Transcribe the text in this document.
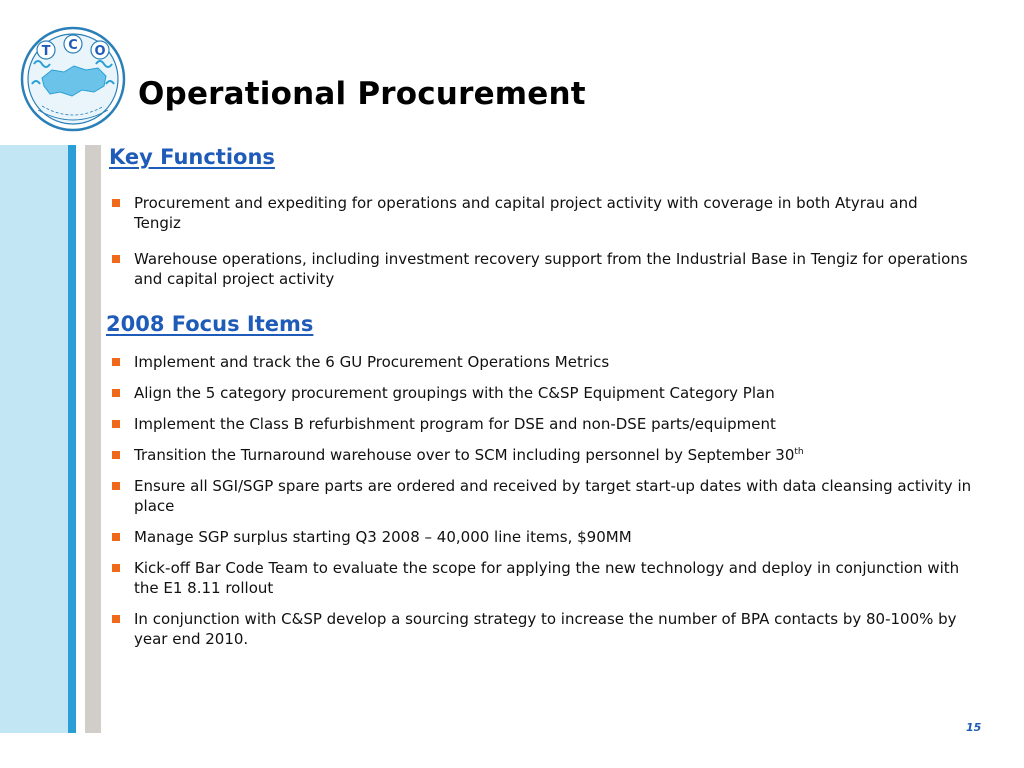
T C O
Operational Procurement
Key Functions
Procurement and expediting for operations and capital project activity with coverage in both Atyrau and Tengiz
Warehouse operations, including investment recovery support from the Industrial Base in Tengiz for operations and capital project activity
2008 Focus Items
Implement and track the 6 GU Procurement Operations Metrics
Align the 5 category procurement groupings with the C&SP Equipment Category Plan
Implement the Class B refurbishment program for DSE and non-DSE parts/equipment
Transition the Turnaround warehouse over to SCM including personnel by September 30th
Ensure all SGI/SGP spare parts are ordered and received by target start-up dates with data cleansing activity in place
Manage SGP surplus starting Q3 2008 – 40,000 line items, $90MM
Kick-off Bar Code Team to evaluate the scope for applying the new technology and deploy in conjunction with the E1 8.11 rollout
In conjunction with C&SP develop a sourcing strategy to increase the number of BPA contacts by 80-100% by year end 2010.
15
